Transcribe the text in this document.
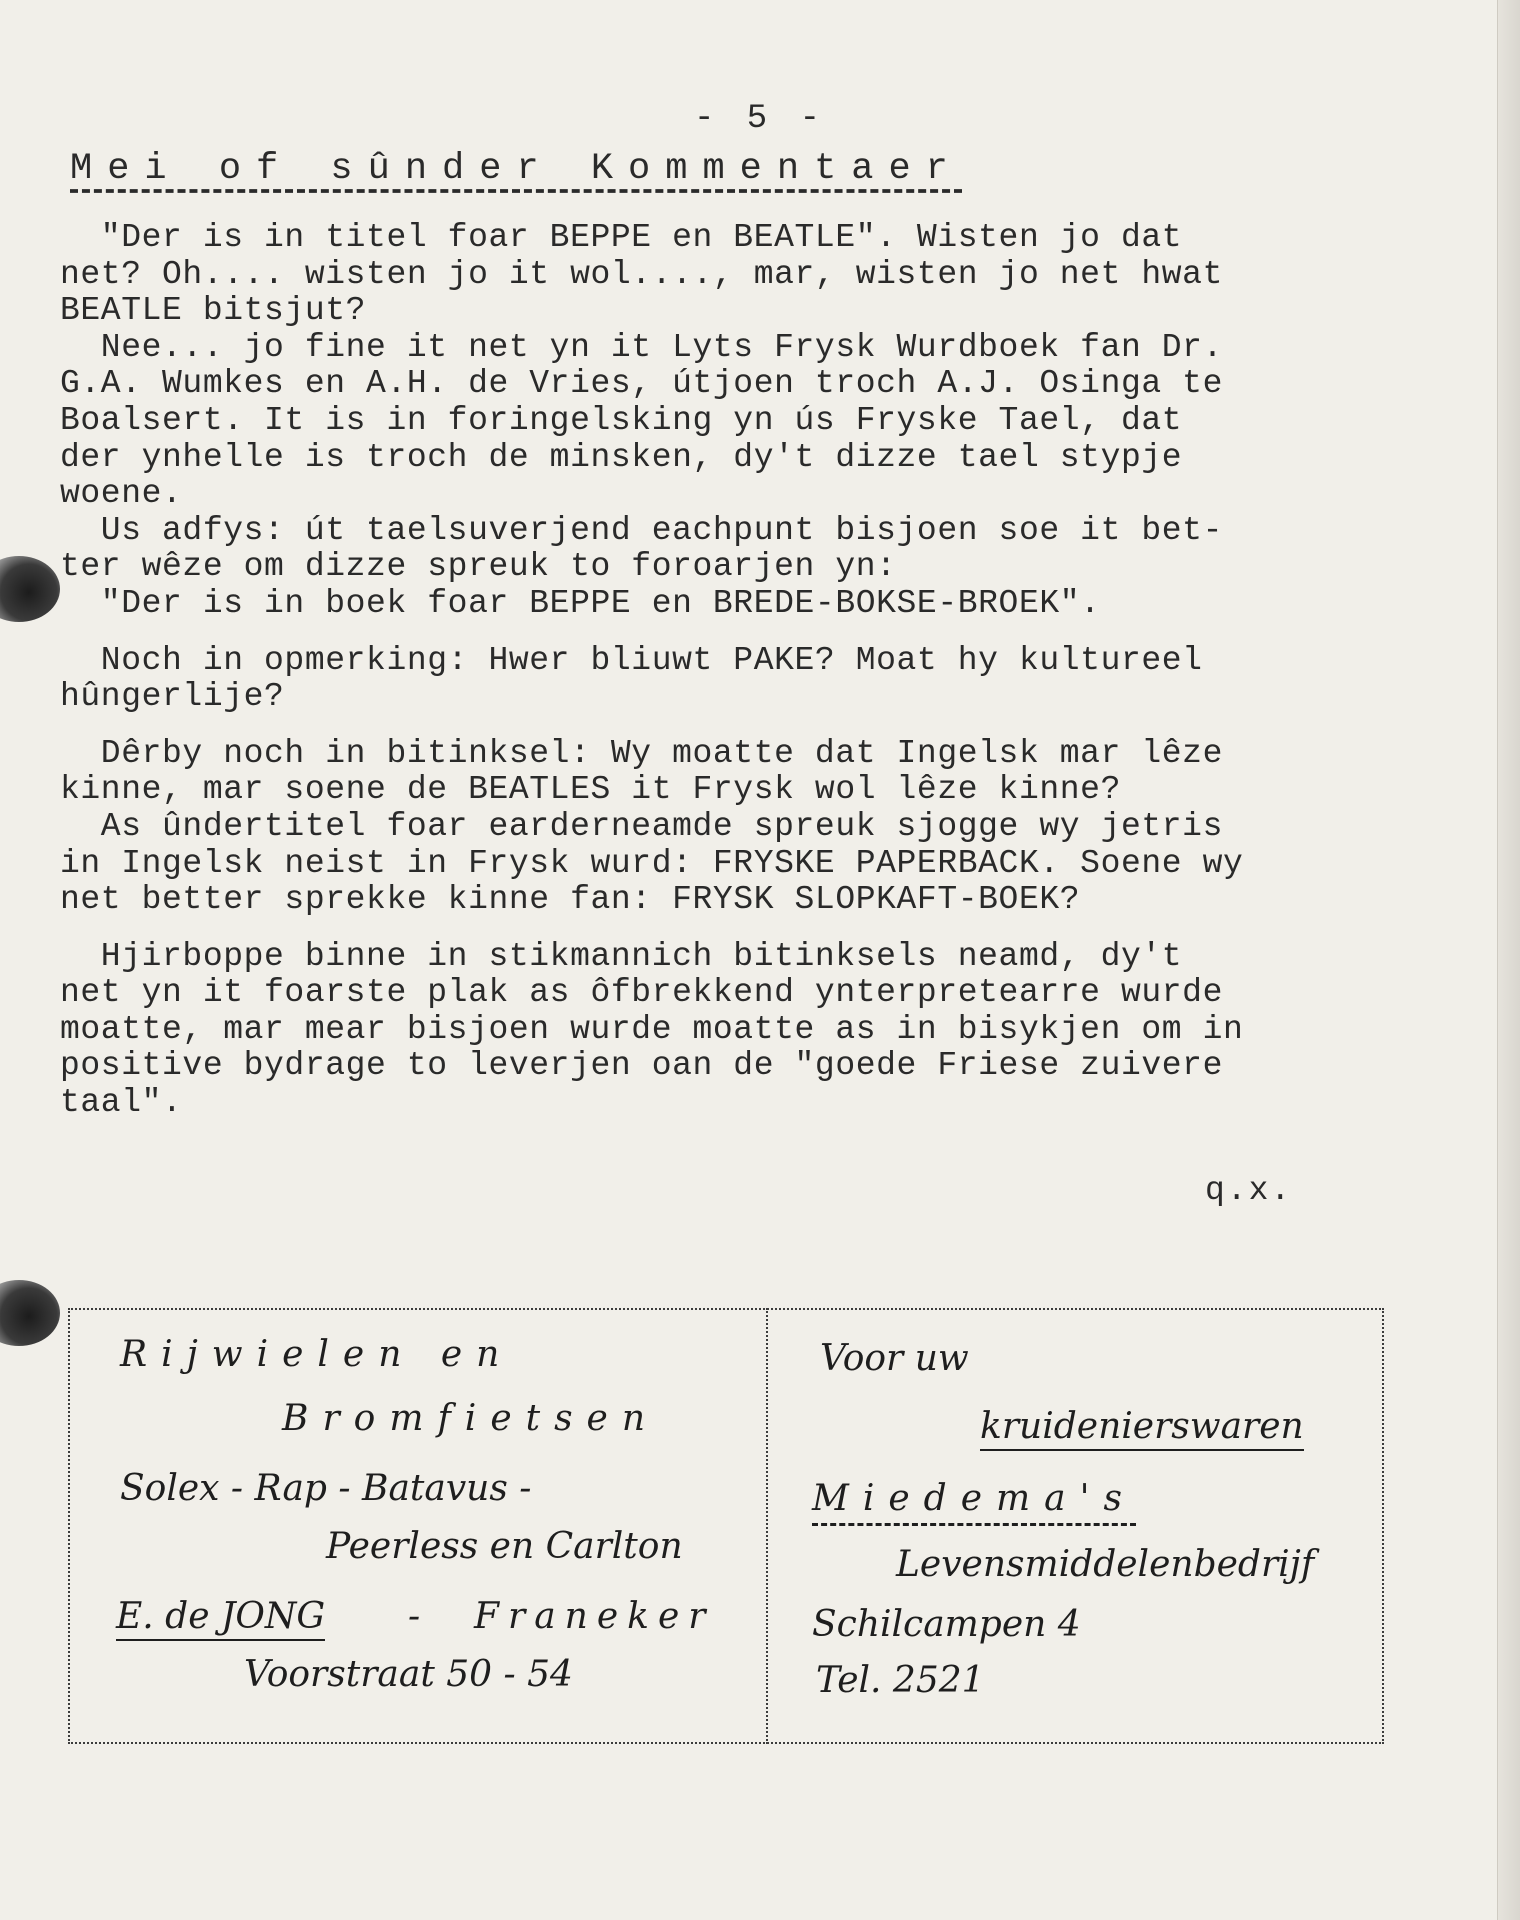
- 5 -
Mei of sûnder Kommentaer

"Der is in titel foar BEPPE en BEATLE". Wisten jo dat

net? Oh.... wisten jo it wol...., mar, wisten jo net hwat

BEATLE bitsjut?

Nee... jo fine it net yn it Lyts Frysk Wurdboek fan Dr.

G.A. Wumkes en A.H. de Vries, útjoen troch A.J. Osinga te

Boalsert. It is in foringelsking yn ús Fryske Tael, dat

der ynhelle is troch de minsken, dy't dizze tael stypje

woene.

Us adfys: út taelsuverjend eachpunt bisjoen soe it bet-

ter wêze om dizze spreuk to foroarjen yn:

"Der is in boek foar BEPPE en BREDE-BOKSE-BROEK".

Noch in opmerking: Hwer bliuwt PAKE? Moat hy kultureel

hûngerlije?

Dêrby noch in bitinksel: Wy moatte dat Ingelsk mar lêze

kinne, mar soene de BEATLES it Frysk wol lêze kinne?

As ûndertitel foar earderneamde spreuk sjogge wy jetris

in Ingelsk neist in Frysk wurd: FRYSKE PAPERBACK. Soene wy

net better sprekke kinne fan: FRYSK SLOPKAFT-BOEK?

Hjirboppe binne in stikmannich bitinksels neamd, dy't

net yn it foarste plak as ôfbrekkend ynterpretearre wurde

moatte, mar mear bisjoen wurde moatte as in bisykjen om in

positive bydrage to leverjen oan de "goede Friese zuivere

taal".

q.x.
Rijwielen en
Bromfietsen
Solex - Rap - Batavus -
Peerless en Carlton
E. de JONG - Franeker
Voorstraat 50 - 54
Voor uw
kruidenierswaren
Miedema's
Levensmiddelenbedrijf
Schilcampen 4
Tel. 2521
